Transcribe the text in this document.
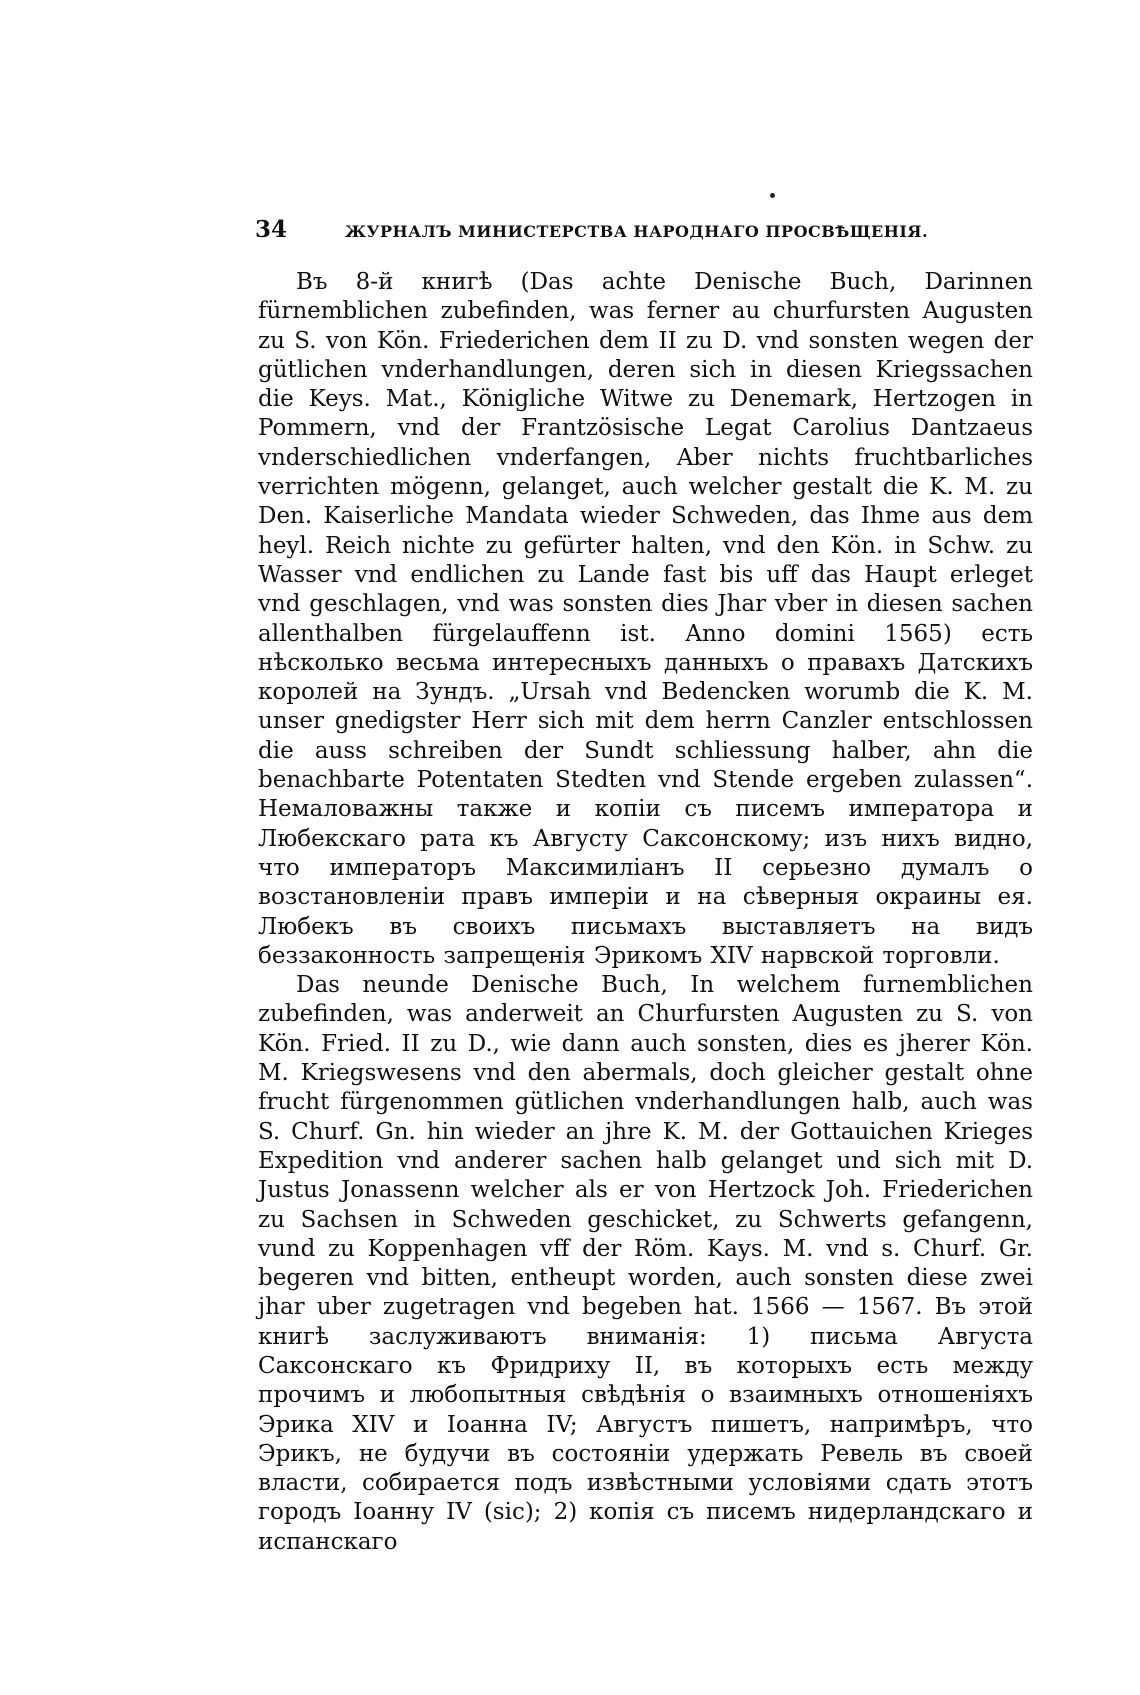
34	ЖУРНАЛЪ МИНИСТЕРСТВА НАРОДНАГО ПРОСВѢЩЕНІЯ.

Въ 8-й книгѣ (Das achte Denische Buch, Darinnen fürnemblichen zubefinden, was ferner au churfursten Augusten zu S. von Kön. Friederichen dem II zu D. vnd sonsten wegen der gütlichen vnderhandlungen, deren sich in diesen Kriegssachen die Keys. Mat., Königliche Witwe zu Denemark, Hertzogen in Pommern, vnd der Frantzösische Legat Carolius Dantzaeus vnderschiedlichen vnderfangen, Aber nichts fruchtbarliches verrichten mögenn, gelanget, auch welcher gestalt die K. M. zu Den. Kaiserliche Mandata wieder Schweden, das Ihme aus dem heyl. Reich nichte zu gefürter halten, vnd den Kön. in Schw. zu Wasser vnd endlichen zu Lande fast bis uff das Haupt erleget vnd geschlagen, vnd was sonsten dies Jhar vber in diesen sachen allenthalben fürgelauffenn ist. Anno domini 1565) есть нѣсколько весьма интересныхъ данныхъ о правахъ Датскихъ королей на Зундъ. „Ursah vnd Bedencken worumb die K. M. unser gnedigster Herr sich mit dem herrn Canzler entschlossen die auss schreiben der Sundt schliessung halber, ahn die benachbarte Potentaten Stedten vnd Stende ergeben zulassen“. Немаловажны также и копіи съ писемъ императора и Любекскаго рата къ Августу Саксонскому; изъ нихъ видно, что императоръ Максимиліанъ II серьезно думалъ о возстановленіи правъ имперіи и на сѣверныя окраины ея. Любекъ въ своихъ письмахъ выставляетъ на видъ беззаконность запрещенія Эрикомъ XIV нарвской торговли.

Das neunde Denische Buch, In welchem furnemblichen zubefinden, was anderweit an Churfursten Augusten zu S. von Kön. Fried. II zu D., wie dann auch sonsten, dies es jherer Kön. M. Kriegswesens vnd den abermals, doch gleicher gestalt ohne frucht fürgenommen gütlichen vnderhandlungen halb, auch was S. Churf. Gn. hin wieder an jhre K. M. der Gottauichen Krieges Expedition vnd anderer sachen halb gelanget und sich mit D. Justus Jonassenn welcher als er von Hertzock Joh. Friederichen zu Sachsen in Schweden geschicket, zu Schwerts gefangenn, vund zu Koppenhagen vff der Röm. Kays. M. vnd s. Churf. Gr. begeren vnd bitten, entheupt worden, auch sonsten diese zwei jhar uber zugetragen vnd begeben hat. 1566 — 1567. Въ этой книгѣ заслуживаютъ вниманія: 1) письма Августа Саксонскаго къ Фридриху II, въ которыхъ есть между прочимъ и любопытныя свѣдѣнія о взаимныхъ отношеніяхъ Эрика XIV и Іоанна IV; Августъ пишетъ, напримѣръ, что Эрикъ, не будучи въ состояніи удержать Ревель въ своей власти, собирается подъ извѣстными условіями сдать этотъ городъ Іоанну IV (sic); 2) копія съ писемъ нидерландскаго и испанскаго
